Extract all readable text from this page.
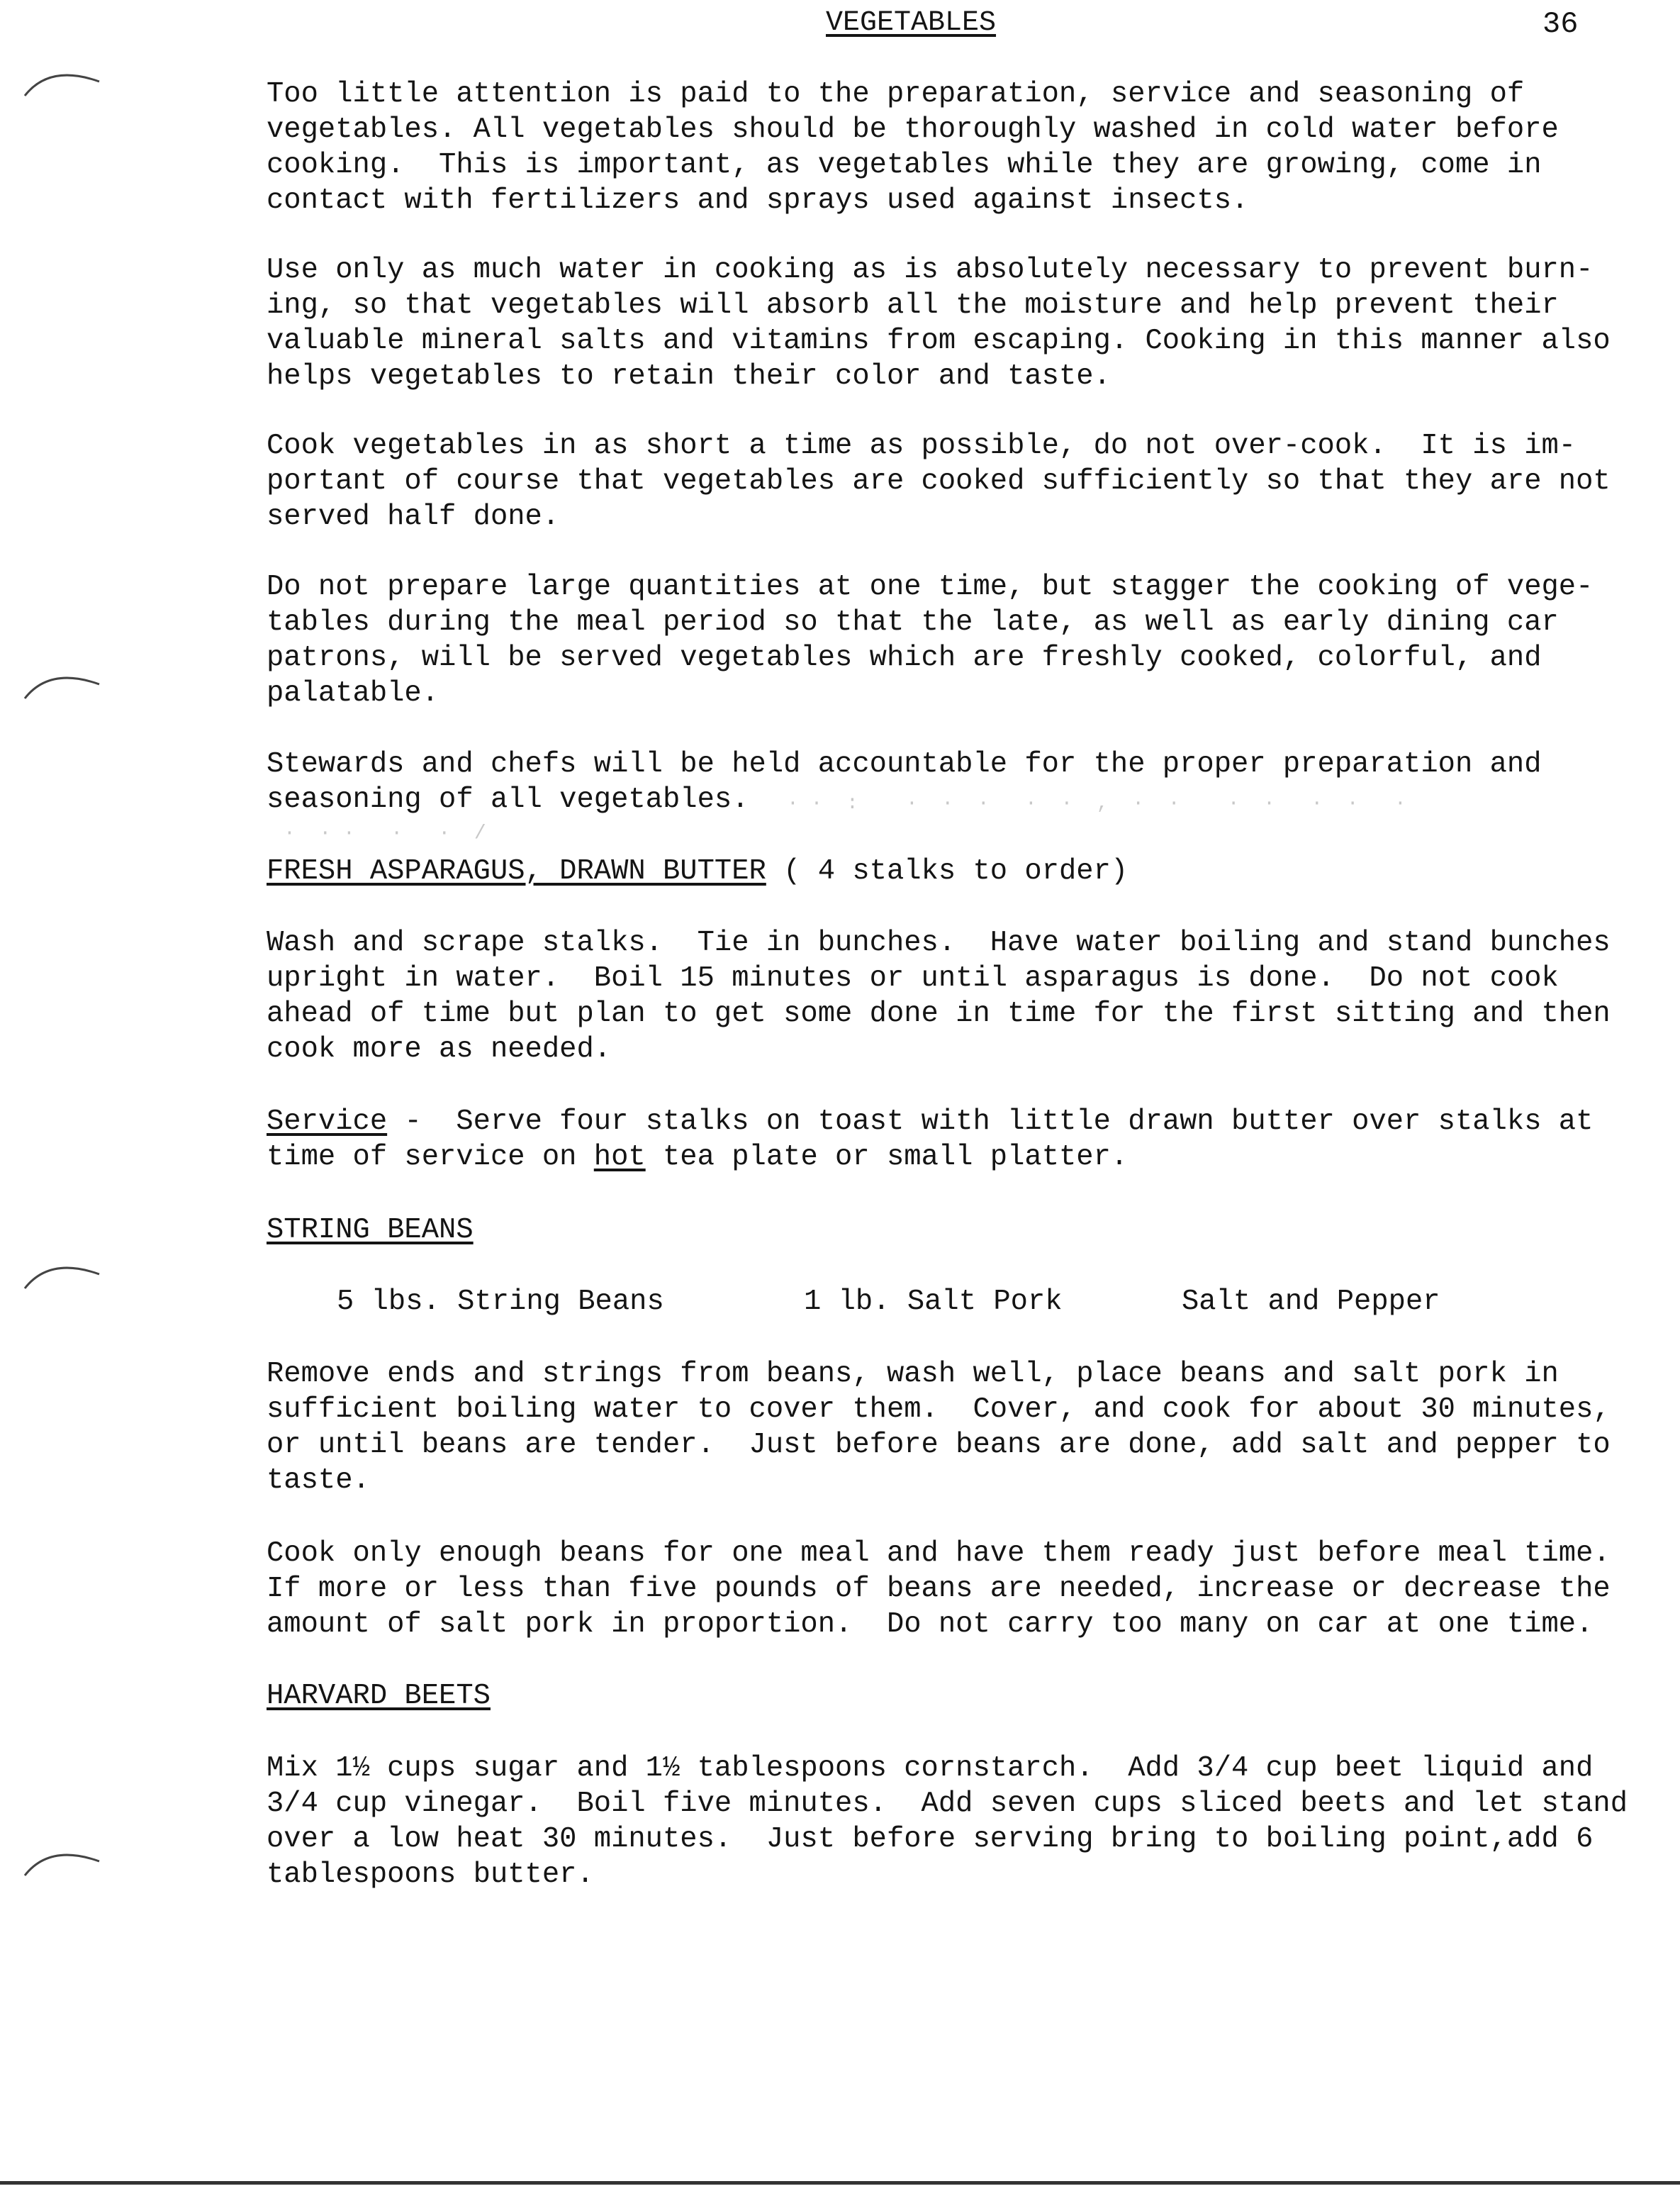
VEGETABLES	36
Too little attention is paid to the preparation, service and seasoning of
vegetables. All vegetables should be thoroughly washed in cold water before
cooking.  This is important, as vegetables while they are growing, come in
contact with fertilizers and sprays used against insects.
Use only as much water in cooking as is absolutely necessary to prevent burn-
ing, so that vegetables will absorb all the moisture and help prevent their
valuable mineral salts and vitamins from escaping. Cooking in this manner also
helps vegetables to retain their color and taste.
Cook vegetables in as short a time as possible, do not over-cook.  It is im-
portant of course that vegetables are cooked sufficiently so that they are not
served half done.
Do not prepare large quantities at one time, but stagger the cooking of vege-
tables during the meal period so that the late, as well as early dining car
patrons, will be served vegetables which are freshly cooked, colorful, and
palatable.
Stewards and chefs will be held accountable for the proper preparation and
seasoning of all vegetables.	· ·  :    ·  ·  ·   ·  ·  ,  ·  ·    ·  ·   ·  ·   ·
·  · ·   ·   ·  /
FRESH ASPARAGUS, DRAWN BUTTER ( 4 stalks to order)
Wash and scrape stalks.  Tie in bunches.  Have water boiling and stand bunches
upright in water.  Boil 15 minutes or until asparagus is done.  Do not cook
ahead of time but plan to get some done in time for the first sitting and then
cook more as needed.
Service -  Serve four stalks on toast with little drawn butter over stalks at
time of service on hot tea plate or small platter.
STRING BEANS
5 lbs. String Beans	1 lb. Salt Pork	Salt and Pepper
Remove ends and strings from beans, wash well, place beans and salt pork in
sufficient boiling water to cover them.  Cover, and cook for about 30 minutes,
or until beans are tender.  Just before beans are done, add salt and pepper to
taste.
Cook only enough beans for one meal and have them ready just before meal time.
If more or less than five pounds of beans are needed, increase or decrease the
amount of salt pork in proportion.  Do not carry too many on car at one time.
HARVARD BEETS
Mix 1½ cups sugar and 1½ tablespoons cornstarch.  Add 3/4 cup beet liquid and
3/4 cup vinegar.  Boil five minutes.  Add seven cups sliced beets and let stand
over a low heat 30 minutes.  Just before serving bring to boiling point,add 6
tablespoons butter.
